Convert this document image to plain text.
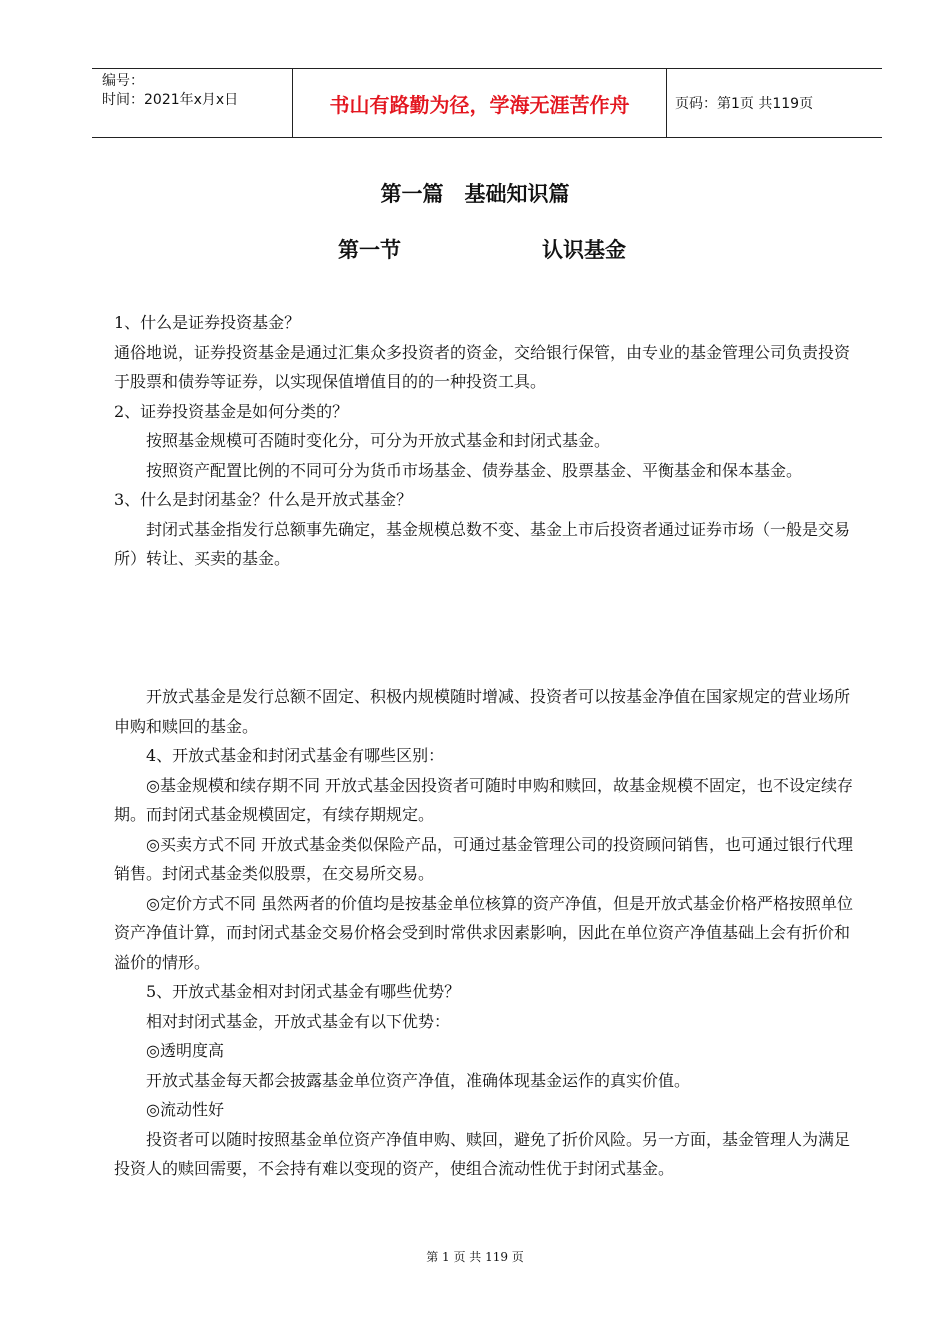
编号：
时间：2021年x月x日	书山有路勤为径，学海无涯苦作舟	页码：第1页 共119页
第一篇　基础知识篇
第一节	认识基金

1、什么是证券投资基金？

通俗地说，证券投资基金是通过汇集众多投资者的资金，交给银行保管，由专业的基金管理公司负责投资于股票和债券等证券，以实现保值增值目的的一种投资工具。

2、证券投资基金是如何分类的？

按照基金规模可否随时变化分，可分为开放式基金和封闭式基金。

按照资产配置比例的不同可分为货币市场基金、债券基金、股票基金、平衡基金和保本基金。

3、什么是封闭基金？什么是开放式基金？

封闭式基金指发行总额事先确定，基金规模总数不变、基金上市后投资者通过证券市场（一般是交易所）转让、买卖的基金。

开放式基金是发行总额不固定、积极内规模随时增减、投资者可以按基金净值在国家规定的营业场所申购和赎回的基金。

4、开放式基金和封闭式基金有哪些区别：

◎基金规模和续存期不同 开放式基金因投资者可随时申购和赎回，故基金规模不固定，也不设定续存期。而封闭式基金规模固定，有续存期规定。

◎买卖方式不同 开放式基金类似保险产品，可通过基金管理公司的投资顾问销售，也可通过银行代理销售。封闭式基金类似股票，在交易所交易。

◎定价方式不同 虽然两者的价值均是按基金单位核算的资产净值，但是开放式基金价格严格按照单位资产净值计算，而封闭式基金交易价格会受到时常供求因素影响，因此在单位资产净值基础上会有折价和溢价的情形。

5、开放式基金相对封闭式基金有哪些优势？

相对封闭式基金，开放式基金有以下优势：

◎透明度高

开放式基金每天都会披露基金单位资产净值，准确体现基金运作的真实价值。

◎流动性好

投资者可以随时按照基金单位资产净值申购、赎回，避免了折价风险。另一方面，基金管理人为满足投资人的赎回需要，不会持有难以变现的资产，使组合流动性优于封闭式基金。

第 1 页 共 119 页
